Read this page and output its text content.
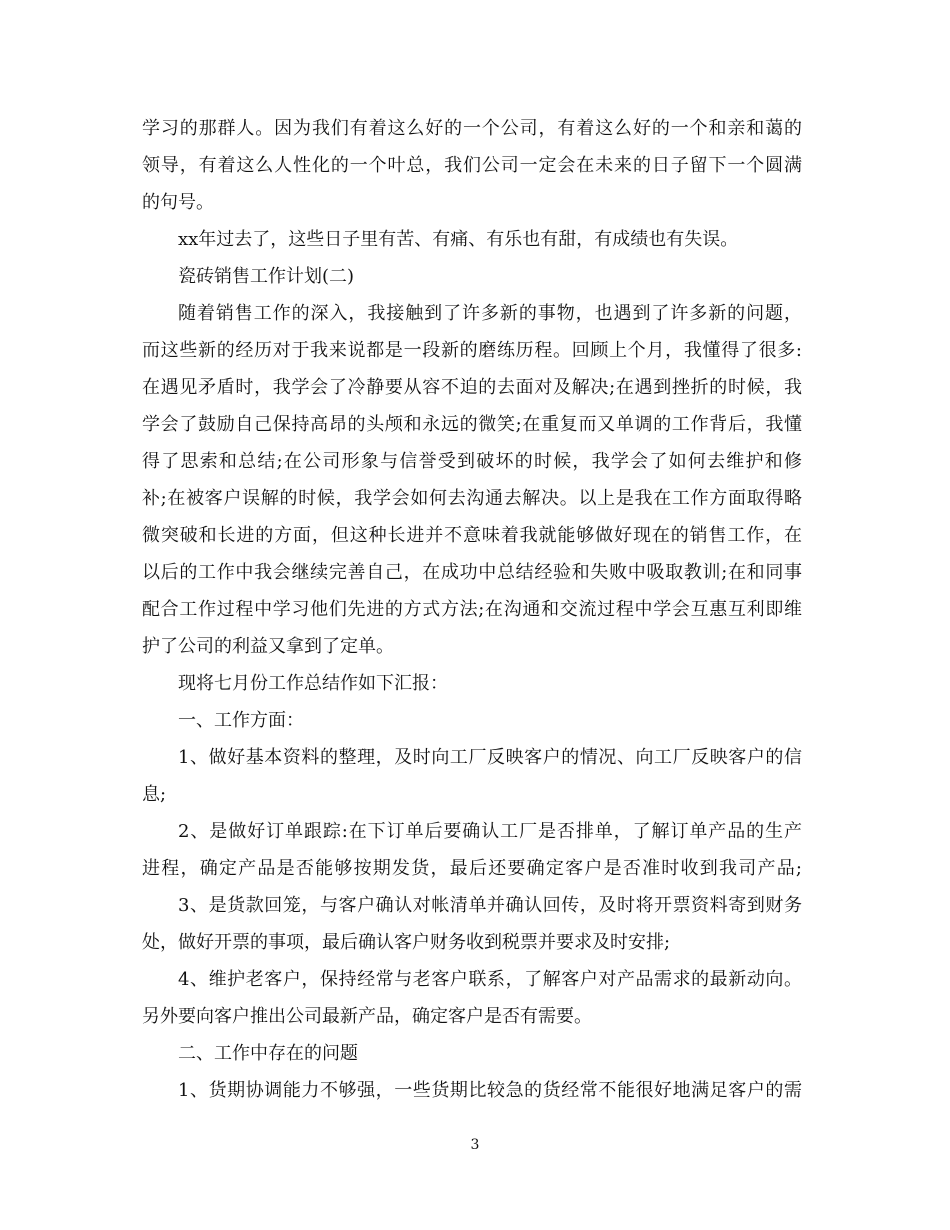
学习的那群人。因为我们有着这么好的一个公司，有着这么好的一个和亲和蔼的
领导，有着这么人性化的一个叶总，我们公司一定会在未来的日子留下一个圆满
的句号。
xx年过去了，这些日子里有苦、有痛、有乐也有甜，有成绩也有失误。
瓷砖销售工作计划(二)
随着销售工作的深入，我接触到了许多新的事物，也遇到了许多新的问题，
而这些新的经历对于我来说都是一段新的磨练历程。回顾上个月，我懂得了很多:
在遇见矛盾时，我学会了冷静要从容不迫的去面对及解决;在遇到挫折的时候，我
学会了鼓励自己保持高昂的头颅和永远的微笑;在重复而又单调的工作背后，我懂
得了思索和总结;在公司形象与信誉受到破坏的时候，我学会了如何去维护和修
补;在被客户误解的时候，我学会如何去沟通去解决。以上是我在工作方面取得略
微突破和长进的方面，但这种长进并不意味着我就能够做好现在的销售工作，在
以后的工作中我会继续完善自己，在成功中总结经验和失败中吸取教训;在和同事
配合工作过程中学习他们先进的方式方法;在沟通和交流过程中学会互惠互利即维
护了公司的利益又拿到了定单。
现将七月份工作总结作如下汇报：
一、工作方面：
1、做好基本资料的整理，及时向工厂反映客户的情况、向工厂反映客户的信
息;
2、是做好订单跟踪:在下订单后要确认工厂是否排单，了解订单产品的生产
进程，确定产品是否能够按期发货，最后还要确定客户是否准时收到我司产品;
3、是货款回笼，与客户确认对帐清单并确认回传，及时将开票资料寄到财务
处，做好开票的事项，最后确认客户财务收到税票并要求及时安排;
4、维护老客户，保持经常与老客户联系，了解客户对产品需求的最新动向。
另外要向客户推出公司最新产品，确定客户是否有需要。
二、工作中存在的问题
1、货期协调能力不够强，一些货期比较急的货经常不能很好地满足客户的需
3
